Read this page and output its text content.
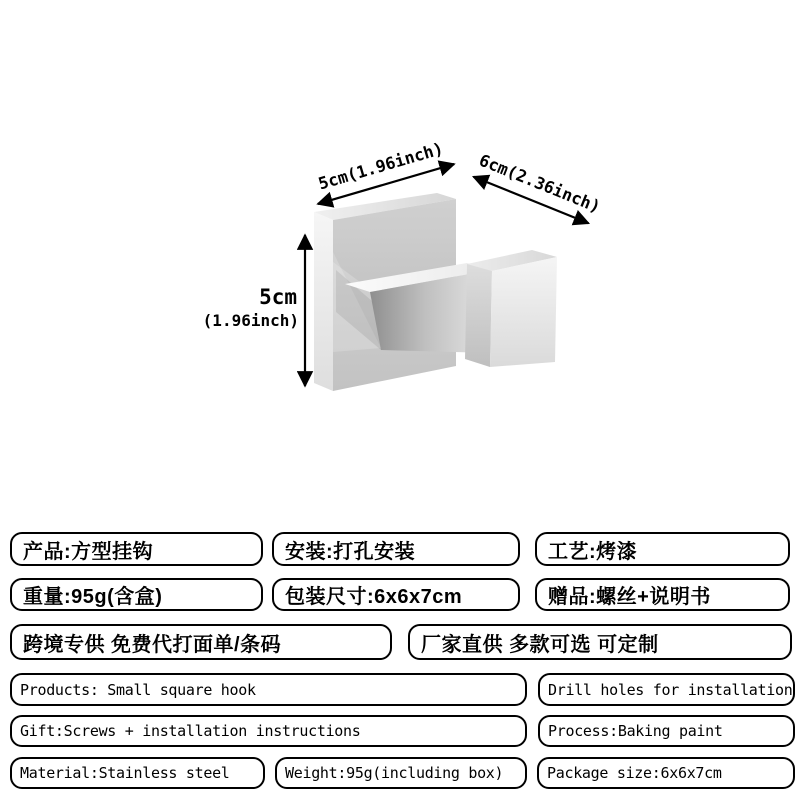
5cm(1.96inch) 6cm(2.36inch)
5cm
(1.96inch)
产品:方型挂钩	安装:打孔安装	工艺:烤漆
重量:95g(含盒)	包装尺寸:6x6x7cm	赠品:螺丝+说明书
跨境专供 免费代打面单/条码	厂家直供 多款可选 可定制
Products: Small square hook	Drill holes for installation
Gift:Screws + installation instructions	Process:Baking paint
Material:Stainless steel	Weight:95g(including box)	Package size:6x6x7cm
